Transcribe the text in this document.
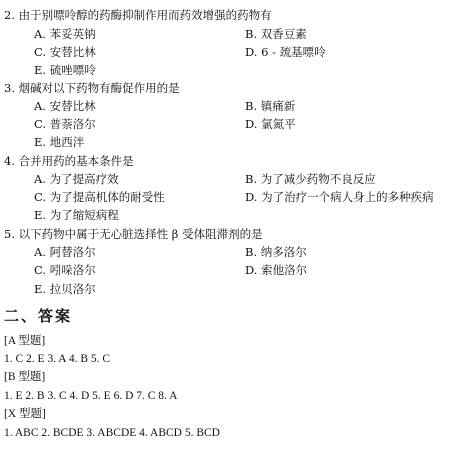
2. 由于别嘌呤醇的药酶抑制作用而药效增强的药物有
A. 苯妥英钠	B. 双香豆素
C. 安替比林	D. 6 - 巯基嘌呤
E. 硫唑嘌呤
3. 烟碱对以下药物有酶促作用的是
A. 安替比林	B. 镇痛新
C. 普萘洛尔	D. 氯氮平
E. 地西泮
4. 合并用药的基本条件是
A. 为了提高疗效	B. 为了减少药物不良反应
C. 为了提高机体的耐受性	D. 为了治疗一个病人身上的多种疾病
E. 为了缩短病程
5. 以下药物中属于无心脏选择性 β 受体阻滞剂的是
A. 阿替洛尔	B. 纳多洛尔
C. 吲哚洛尔	D. 索他洛尔
E. 拉贝洛尔
二、答案
[A 型题]
1. C 2. E 3. A 4. B 5. C
[B 型题]
1. E 2. B 3. C 4. D 5. E 6. D 7. C 8. A
[X 型题]
1. ABC 2. BCDE 3. ABCDE 4. ABCD 5. BCD
